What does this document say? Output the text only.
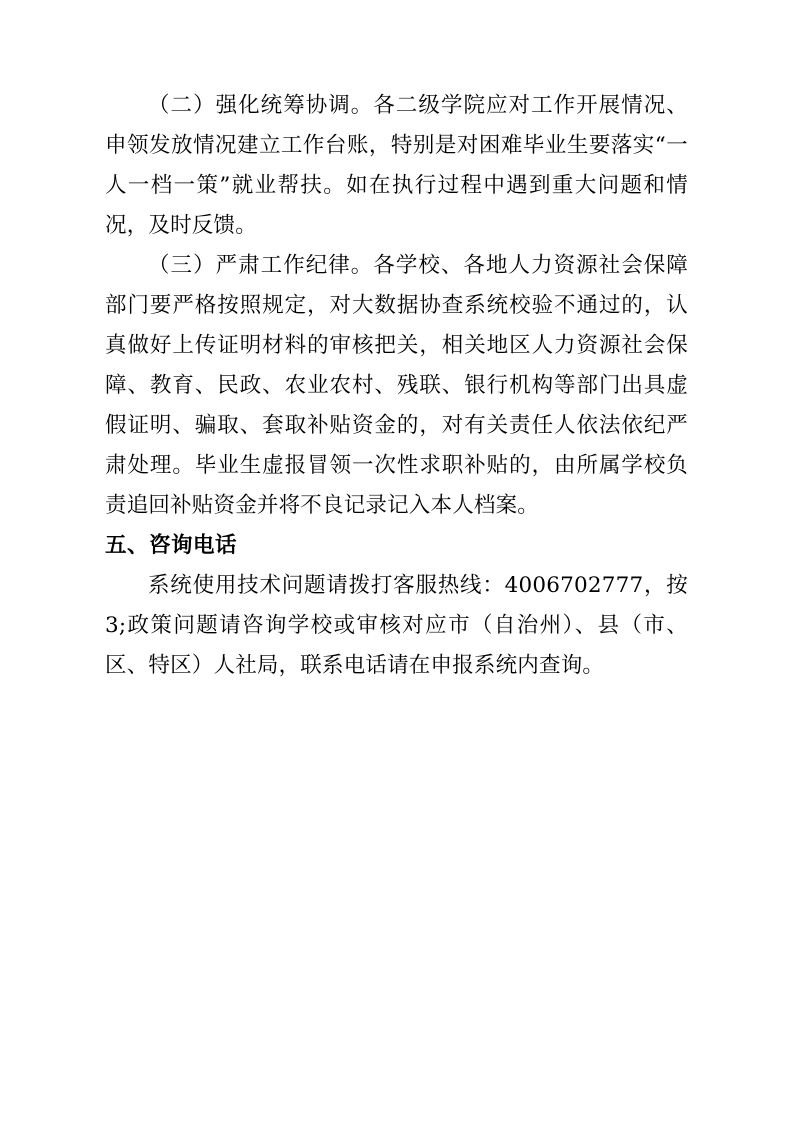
（二）强化统筹协调。各二级学院应对工作开展情况、申领发放情况建立工作台账，特别是对困难毕业生要落实“一人一档一策”就业帮扶。如在执行过程中遇到重大问题和情况，及时反馈。

（三）严肃工作纪律。各学校、各地人力资源社会保障部门要严格按照规定，对大数据协查系统校验不通过的，认真做好上传证明材料的审核把关，相关地区人力资源社会保障、教育、民政、农业农村、残联、银行机构等部门出具虚假证明、骗取、套取补贴资金的，对有关责任人依法依纪严肃处理。毕业生虚报冒领一次性求职补贴的，由所属学校负责追回补贴资金并将不良记录记入本人档案。

五、咨询电话

系统使用技术问题请拨打客服热线：4006702777，按 3;政策问题请咨询学校或审核对应市（自治州）、县（市、区、特区）人社局，联系电话请在申报系统内查询。
